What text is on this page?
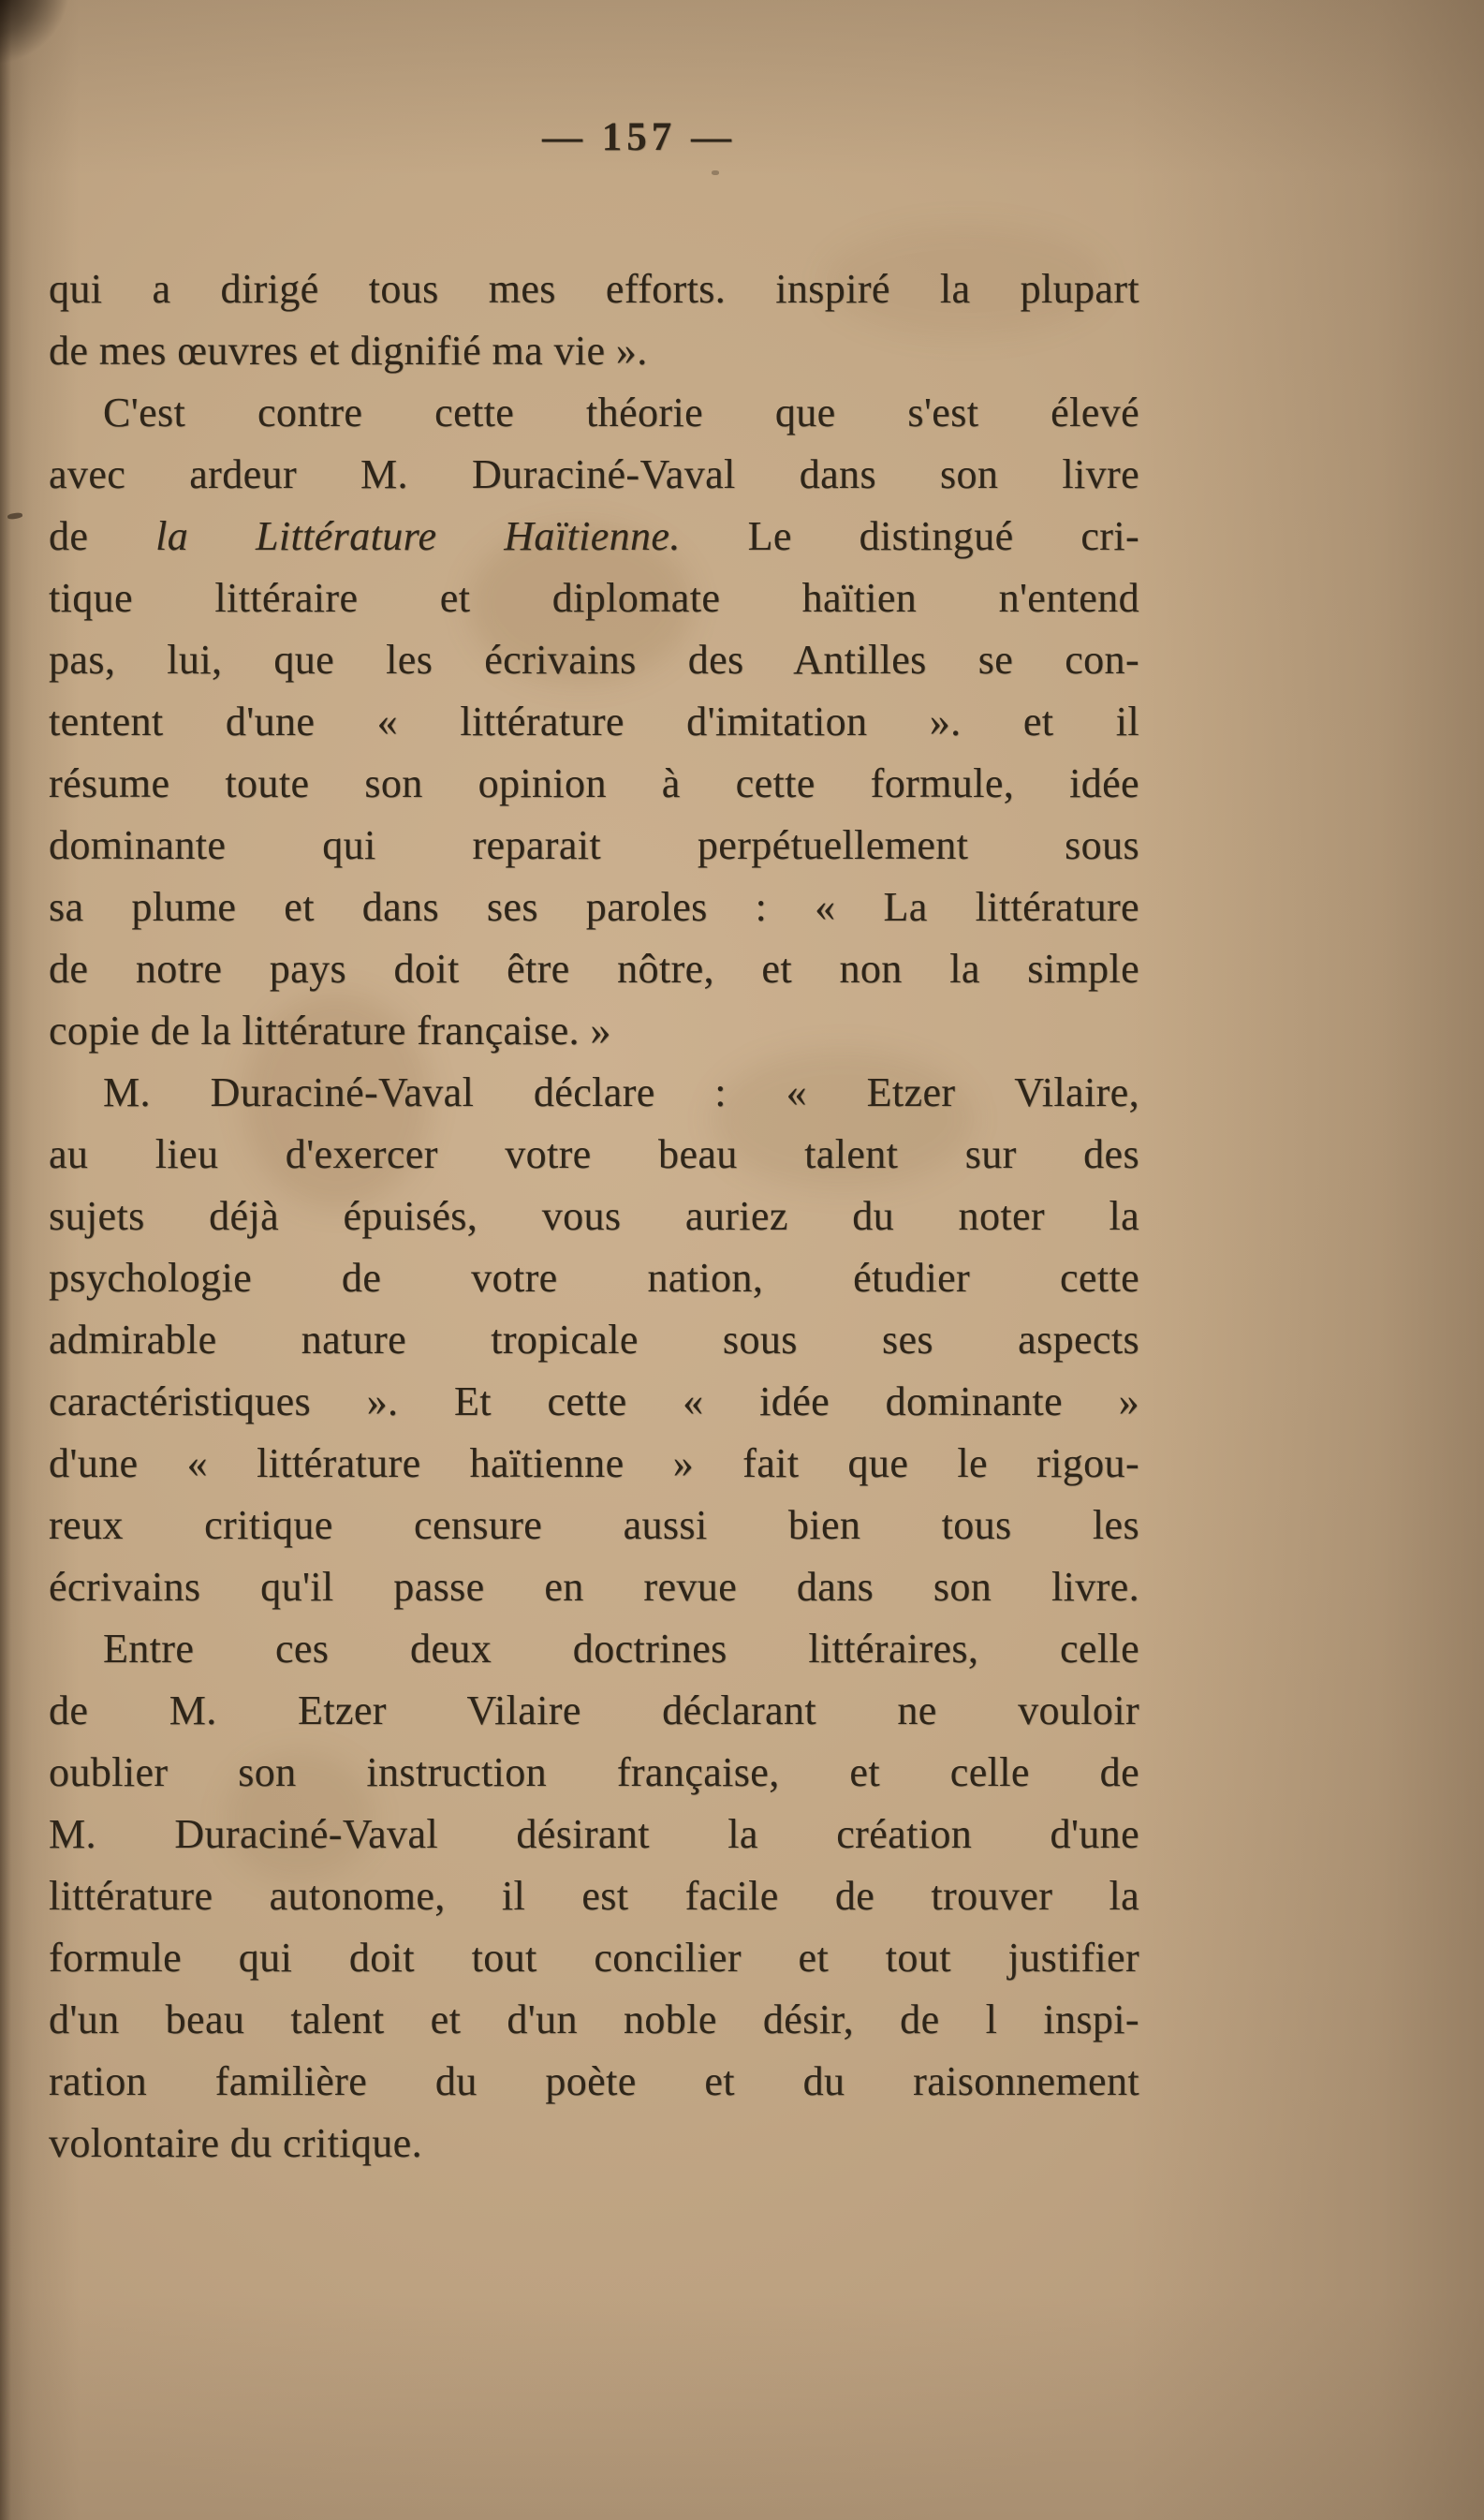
— 157 —
qui a dirigé tous mes efforts. inspiré la plupart
de mes œuvres et dignifié ma vie ».
C'est contre cette théorie que s'est élevé
avec ardeur M. Duraciné-Vaval dans son livre
de la Littérature Haïtienne. Le distingué cri-
tique littéraire et diplomate haïtien n'entend
pas, lui, que les écrivains des Antilles se con-
tentent d'une « littérature d'imitation ». et il
résume toute son opinion à cette formule, idée
dominante qui reparait perpétuellement sous
sa plume et dans ses paroles : « La littérature
de notre pays doit être nôtre, et non la simple
copie de la littérature française. »
M. Duraciné-Vaval déclare : « Etzer Vilaire,
au lieu d'exercer votre beau talent sur des
sujets déjà épuisés, vous auriez du noter la
psychologie de votre nation, étudier cette
admirable nature tropicale sous ses aspects
caractéristiques ». Et cette « idée dominante »
d'une « littérature haïtienne » fait que le rigou-
reux critique censure aussi bien tous les
écrivains qu'il passe en revue dans son livre.
Entre ces deux doctrines littéraires, celle
de M. Etzer Vilaire déclarant ne vouloir
oublier son instruction française, et celle de
M. Duraciné-Vaval désirant la création d'une
littérature autonome, il est facile de trouver la
formule qui doit tout concilier et tout justifier
d'un beau talent et d'un noble désir, de l inspi-
ration familière du poète et du raisonnement
volontaire du critique.
